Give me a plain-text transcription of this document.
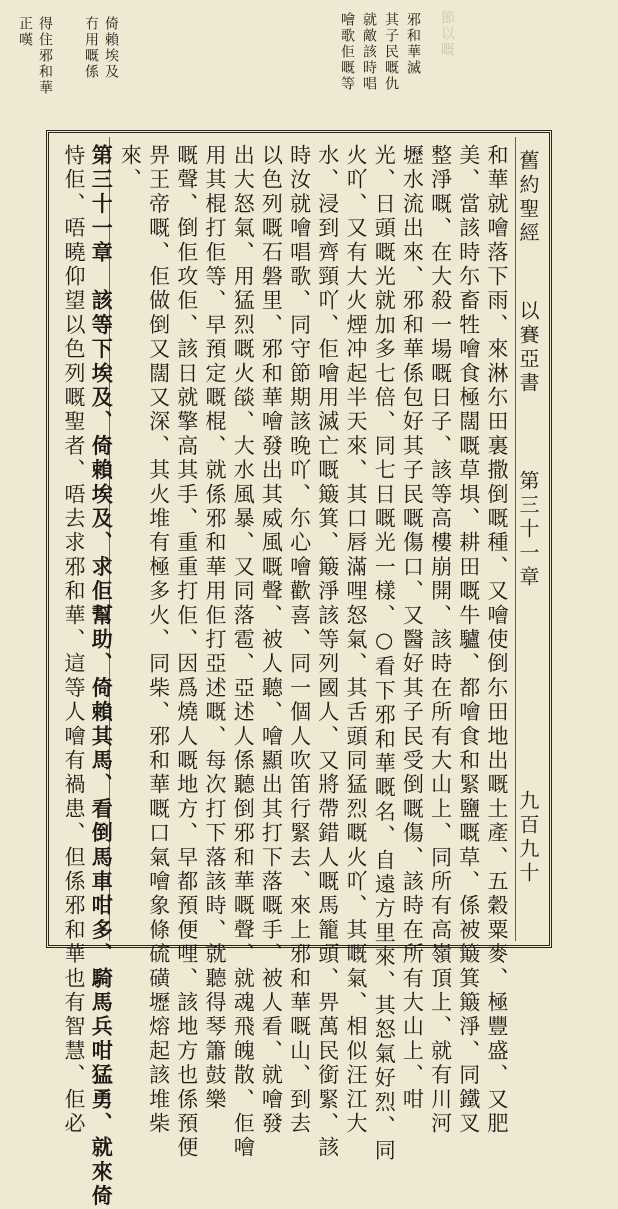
邪和華滅
其子民嘅仇
就敵該時唱
噲歌佢嘅等	節以嘅
倚賴埃及
冇用嘅係
得住邪和華
正嘆
舊約聖經
以賽亞書
第三十一章
九百九十
和華就噲落下雨、來淋尓田裏撒倒嘅種、又噲使倒尓田地出嘅土產、五穀粟麥、極豐盛、又肥
美、當該時尓畜牲噲食極闊嘅草埧、耕田嘅牛驢、都噲食和緊鹽嘅草、係被簸箕簸淨、同鐵叉
整淨嘅、在大殺一場嘅日子、該等高樓崩開、該時在所有大山上、同所有高嶺頂上、就有川河
壢水流出來、邪和華係包好其子民嘅傷口、又醫好其子民受倒嘅傷、該時在所有大山上、咁
光、日頭嘅光就加多七倍、同七日嘅光一樣、○看下邪和華嘅名、自遠方里來、其怒氣好烈、同
火吖、又有大火煙冲起半天來、其口唇滿哩怒氣、其舌頭同猛烈嘅火吖、其嘅氣、相似汪江大
水、浸到齊頸吖、佢噲用滅亡嘅簸箕、簸淨該等列國人、又將帶錯人嘅馬籠頭、畀萬民銜緊、該
時汝就噲唱歌、同守節期該晚吖、尓心噲歡喜、同一個人吹笛行緊去、來上邪和華嘅山、到去
以色列嘅石磐里、邪和華噲發出其威風嘅聲、被人聽、噲顯出其打下落嘅手、被人看、就噲發
出大怒氣、用猛烈嘅火燄、大水風暴、又同落雹、亞述人係聽倒邪和華嘅聲、就魂飛魄散、佢噲
用其棍打佢等、早預定嘅棍、就係邪和華用佢打亞述嘅、每次打下落該時、就聽得琴簫鼓樂
嘅聲、倒佢攻佢、該日就擎高其手、重重打佢、因爲燒人嘅地方、早都預便哩、該地方也係預便
畀王帝嘅、佢做倒又闊又深、其火堆有極多火、同柴、邪和華嘅口氣噲象條硫磺壢熔起該堆柴
來、
第三十一章　該等下埃及、倚賴埃及、求佢幫助、倚賴其馬、看倒馬車咁多、騎馬兵咁猛勇、就來倚
恃佢、唔曉仰望以色列嘅聖者、唔去求邪和華、這等人噲有禍患、但係邪和華也有智慧、佢必
